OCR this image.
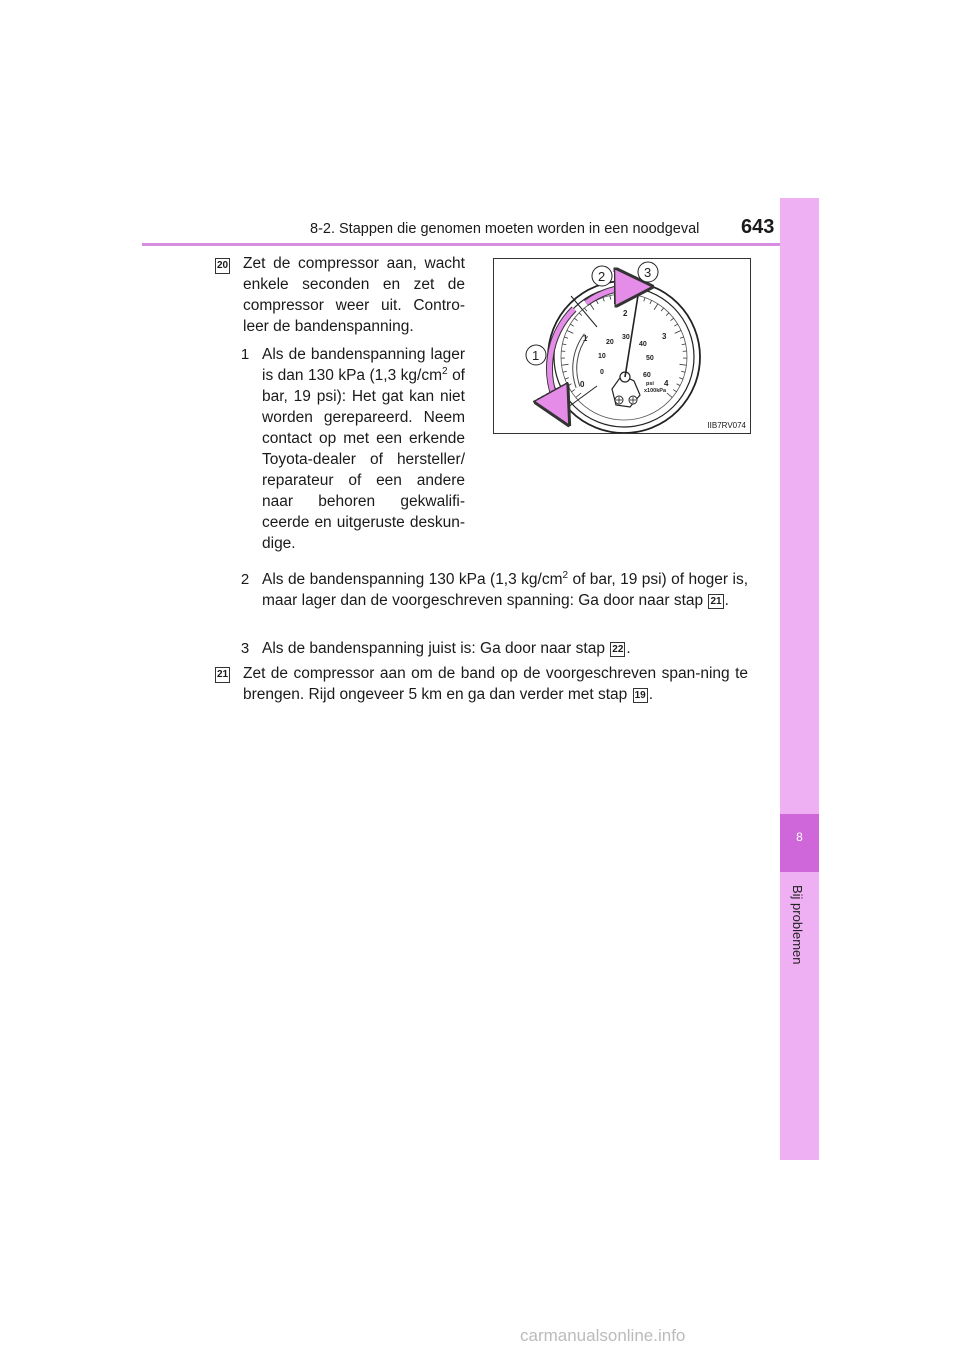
8-2. Stappen die genomen moeten worden in een noodgeval 643
8
Bij problemen
20 Zet de compressor aan, wacht enkele seconden en zet de compressor weer uit. Contro-leer de bandenspanning.

1 Als de bandenspanning lager is dan 130 kPa (1,3 $kg/cm^2$ of bar, 19 psi): Het gat kan niet worden gerepareerd. Neem contact op met een erkende Toyota-dealer of hersteller/ reparateur of een andere naar behoren gekwalifi-ceerde en uitgeruste deskun-dige.

0
1
2
3
4
0
10
20
30
40
50
60
psi
x100kPa
1
2	3
IIB7RV074
2 Als de bandenspanning 130 kPa (1,3 $kg/cm^2$ of bar, 19 psi) of hoger is, maar lager dan de voorgeschreven spanning: Ga door naar stap 21 .

3 Als de bandenspanning juist is: Ga door naar stap 22 .

21 Zet de compressor aan om de band op de voorgeschreven span-ning te brengen. Rijd ongeveer 5 km en ga dan verder met stap 19 .

carmanualsonline.info
